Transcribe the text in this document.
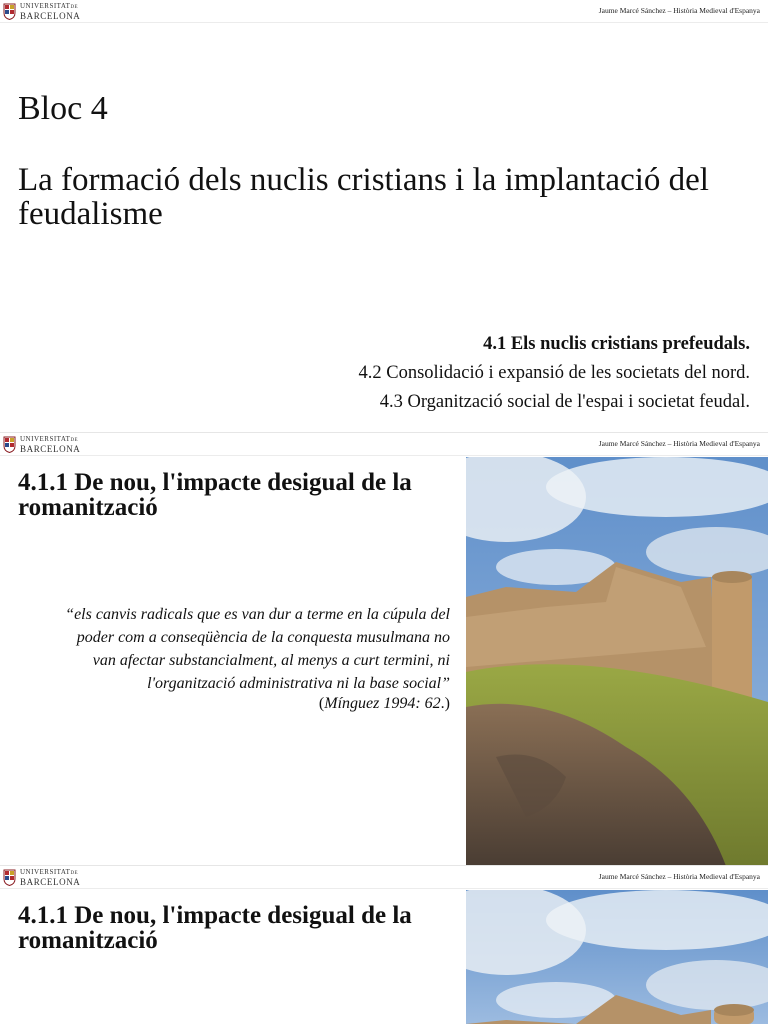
UNIVERSITATDE
BARCELONA
Jaume Marcé Sánchez – Història Medieval d'Espanya
Bloc 4
La formació dels nuclis cristians i la implantació del feudalisme
4.1 Els nuclis cristians prefeudals.
4.2 Consolidació i expansió de les societats del nord.
4.3 Organització social de l'espai i societat feudal.
UNIVERSITATDE
BARCELONA
Jaume Marcé Sánchez – Història Medieval d'Espanya
4.1.1 De nou, l'impacte desigual de la romanització
“els canvis radicals que es van dur a terme en la cúpula del
poder com a conseqüència de la conquesta musulmana no
van afectar substancialment, al menys a curt termini, ni
l'organització administrativa ni la base social”
(Mínguez 1994: 62.)
UNIVERSITATDE
BARCELONA
Jaume Marcé Sánchez – Història Medieval d'Espanya
4.1.1 De nou, l'impacte desigual de la romanització
